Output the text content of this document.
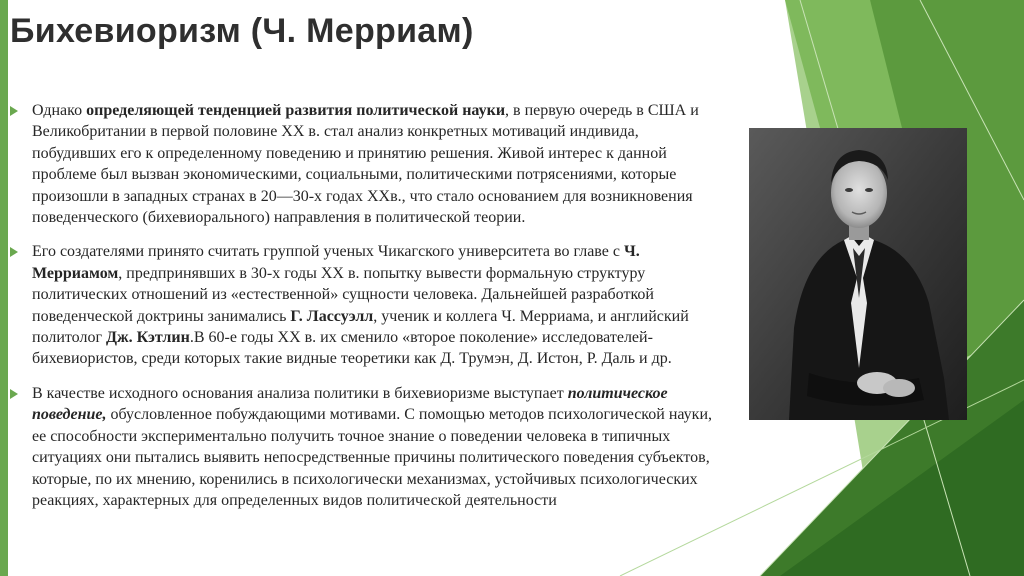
Бихевиоризм (Ч. Мерриам)
Однако определяющей тенденцией развития политической науки, в первую очередь в США и Великобритании в первой половине XX в. стал анализ конкретных мотиваций индивида, побудивших его к определенному поведению и принятию решения. Живой интерес к данной проблеме был вызван экономическими, социальными, политическими потрясениями, которые произошли в западных странах в 20—30-х годах XXв., что стало основанием для возникновения поведенческого (бихевиорального) направления в политической теории.
Его создателями принято считать группой ученых Чикагского университета во главе с Ч. Мерриамом, предпринявших в 30-х годы XX в. попытку вывести формальную структуру политических отношений из «естественной» сущности человека. Дальнейшей разработкой поведенческой доктрины занимались Г. Лассуэлл, ученик и коллега Ч. Мерриама, и английский политолог Дж. Кэтлин.В 60-е годы XX в. их сменило «второе поколение» исследователей-бихевиористов, среди которых такие видные теоретики как Д. Трумэн, Д. Истон, Р. Даль и др.
В качестве исходного основания анализа политики в бихевиоризме выступает политическое поведение, обусловленное побуждающими мотивами. С помощью методов психологической науки, ее способности экспериментально получить точное знание о поведении человека в типичных ситуациях они пытались выявить непосредственные причины политического поведения субъектов, которые, по их мнению, коренились в психологически механизмах, устойчивых психологических реакциях, характерных для определенных видов политической деятельности
